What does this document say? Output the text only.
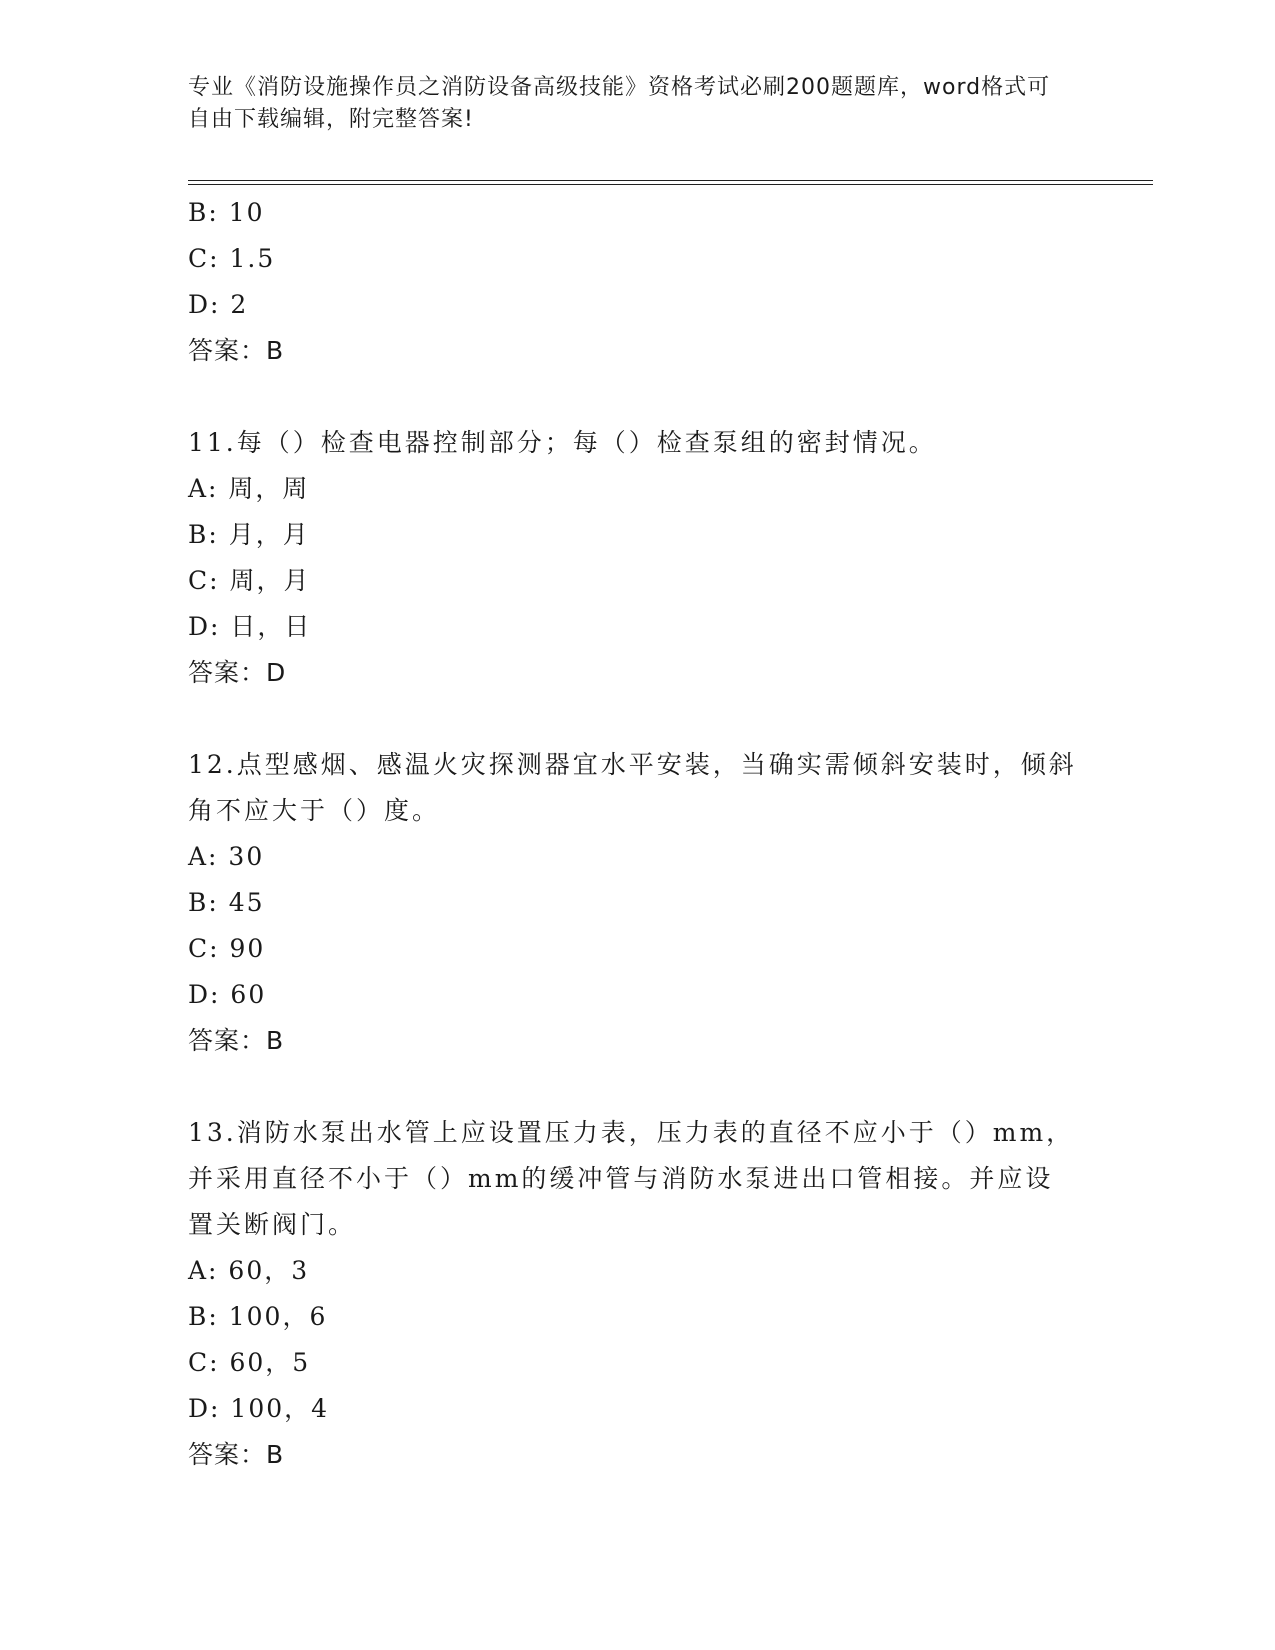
专业《消防设施操作员之消防设备高级技能》资格考试必刷200题题库，word格式可自由下载编辑，附完整答案!
B: 10
C: 1.5
D: 2
答案：B
11.每（）检查电器控制部分；每（）检查泵组的密封情况。
A: 周，周
B: 月，月
C: 周，月
D: 日，日
答案：D
12.点型感烟、感温火灾探测器宜水平安装，当确实需倾斜安装时，倾斜角不应大于（）度。
A: 30
B: 45
C: 90
D: 60
答案：B
13.消防水泵出水管上应设置压力表，压力表的直径不应小于（）mm，并采用直径不小于（）mm的缓冲管与消防水泵进出口管相接。并应设置关断阀门。
A: 60，3
B: 100，6
C: 60，5
D: 100，4
答案：B
